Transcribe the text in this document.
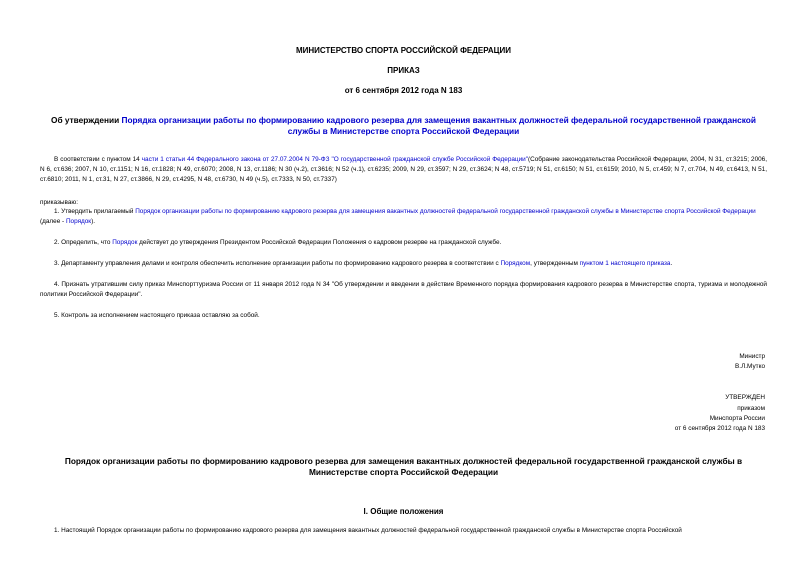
МИНИСТЕРСТВО СПОРТА РОССИЙСКОЙ ФЕДЕРАЦИИ
ПРИКАЗ
от 6 сентября 2012 года N 183
Об утверждении Порядка организации работы по формированию кадрового резерва для замещения вакантных должностей федеральной государственной гражданской службы в Министерстве спорта Российской Федерации
В соответствии с пунктом 14 части 1 статьи 44 Федерального закона от 27.07.2004 N 79-ФЗ "О государственной гражданской службе Российской Федерации"(Собрание законодательства Российской Федерации, 2004, N 31, ст.3215; 2006, N 6, ст.636; 2007, N 10, ст.1151; N 16, ст.1828; N 49, ст.6070; 2008, N 13, ст.1186; N 30 (ч.2), ст.3616; N 52 (ч.1), ст.6235; 2009, N 29, ст.3597; N 29, ст.3624; N 48, ст.5719; N 51, ст.6150; N 51, ст.6159; 2010, N 5, ст.459; N 7, ст.704, N 49, ст.6413, N 51, ст.6810; 2011, N 1, ст.31, N 27, ст.3866, N 29, ст.4295, N 48, ст.6730, N 49 (ч.5), ст.7333, N 50, ст.7337)
приказываю:
1. Утвердить прилагаемый Порядок организации работы по формированию кадрового резерва для замещения вакантных должностей федеральной государственной гражданской службы в Министерстве спорта Российской Федерации (далее - Порядок).
2. Определить, что Порядок действует до утверждения Президентом Российской Федерации Положения о кадровом резерве на гражданской службе.
3. Департаменту управления делами и контроля обеспечить исполнение организации работы по формированию кадрового резерва в соответствии с Порядком, утвержденным пунктом 1 настоящего приказа.
4. Признать утратившим силу приказ Минспорттуризма России от 11 января 2012 года N 34 "Об утверждении и введении в действие Временного порядка формирования кадрового резерва в Министерстве спорта, туризма и молодежной политики Российской Федерации".
5. Контроль за исполнением настоящего приказа оставляю за собой.
Министр
В.Л.Мутко
УТВЕРЖДЕН
приказом
Минспорта России
от 6 сентября 2012 года N 183
Порядок организации работы по формированию кадрового резерва для замещения вакантных должностей федеральной государственной гражданской службы в Министерстве спорта Российской Федерации
I. Общие положения
1. Настоящий Порядок организации работы по формированию кадрового резерва для замещения вакантных должностей федеральной государственной гражданской службы в Министерстве спорта Российской
